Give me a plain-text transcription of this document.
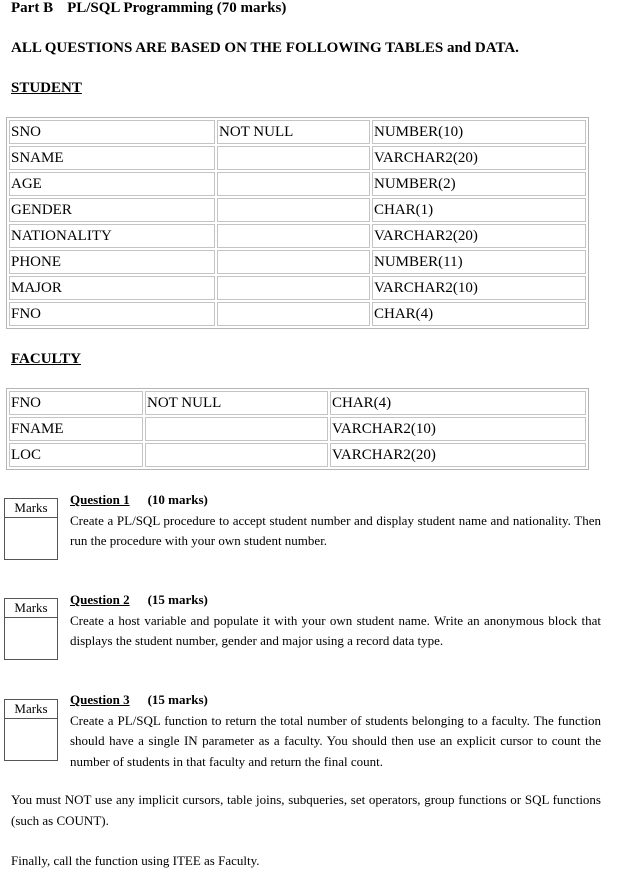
Part B PL/SQL Programming (70 marks)
ALL QUESTIONS ARE BASED ON THE FOLLOWING TABLES and DATA.
STUDENT
SNO	NOT NULL	NUMBER(10)
SNAME		VARCHAR2(20)
AGE		NUMBER(2)
GENDER		CHAR(1)
NATIONALITY		VARCHAR2(20)
PHONE		NUMBER(11)
MAJOR		VARCHAR2(10)
FNO		CHAR(4)
FACULTY
FNO	NOT NULL	CHAR(4)
FNAME		VARCHAR2(10)
LOC		VARCHAR2(20)
Marks
Question 1 (10 marks)

Create a PL/SQL procedure to accept student number and display student name and nationality. Then run the procedure with your own student number.

Marks
Question 2 (15 marks)

Create a host variable and populate it with your own student name. Write an anonymous block that displays the student number, gender and major using a record data type.

Marks
Question 3 (15 marks)

Create a PL/SQL function to return the total number of students belonging to a faculty. The function should have a single IN parameter as a faculty. You should then use an explicit cursor to count the number of students in that faculty and return the final count.

You must NOT use any implicit cursors, table joins, subqueries, set operators, group functions or SQL functions (such as COUNT).

Finally, call the function using ITEE as Faculty.
